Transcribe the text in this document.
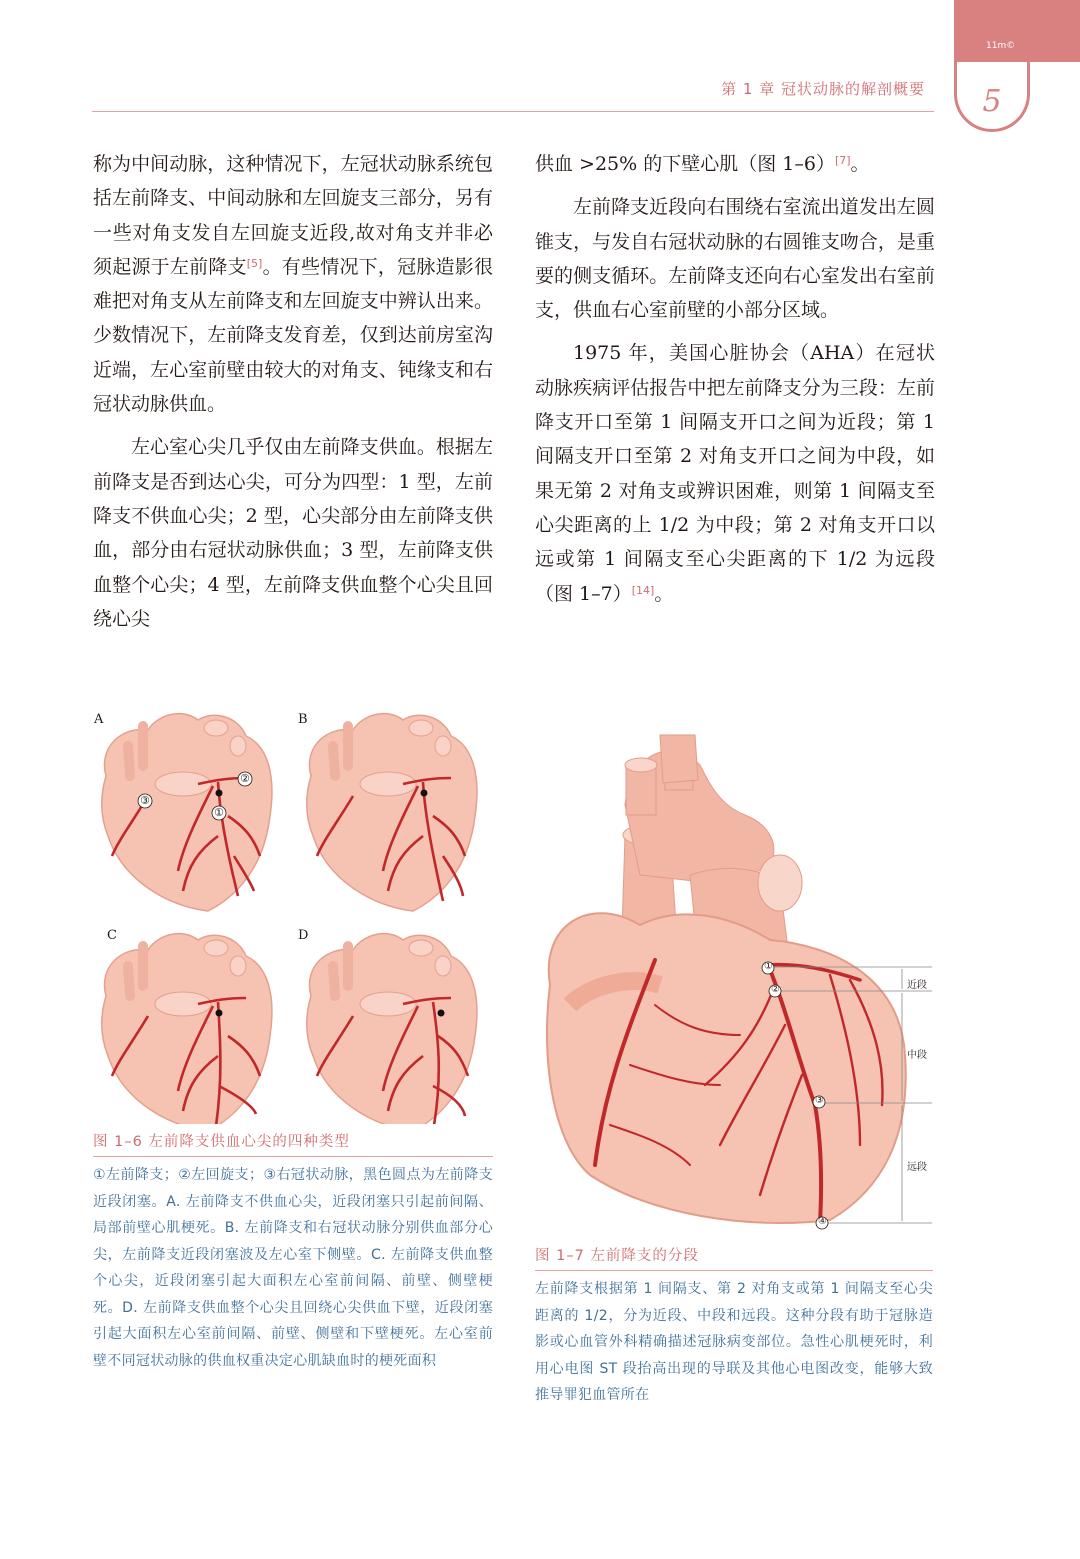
11m©
5
第 1 章 冠状动脉的解剖概要

称为中间动脉，这种情况下，左冠状动脉系统包括左前降支、中间动脉和左回旋支三部分，另有一些对角支发自左回旋支近段,故对角支并非必须起源于左前降支[5]。有些情况下，冠脉造影很难把对角支从左前降支和左回旋支中辨认出来。少数情况下，左前降支发育差，仅到达前房室沟近端，左心室前壁由较大的对角支、钝缘支和右冠状动脉供血。

左心室心尖几乎仅由左前降支供血。根据左前降支是否到达心尖，可分为四型：1 型，左前降支不供血心尖；2 型，心尖部分由左前降支供血，部分由右冠状动脉供血；3 型，左前降支供血整个心尖；4 型，左前降支供血整个心尖且回绕心尖

供血 >25% 的下壁心肌（图 1–6）[7]。

左前降支近段向右围绕右室流出道发出左圆锥支，与发自右冠状动脉的右圆锥支吻合，是重要的侧支循环。左前降支还向右心室发出右室前支，供血右心室前壁的小部分区域。

1975 年，美国心脏协会（AHA）在冠状动脉疾病评估报告中把左前降支分为三段：左前降支开口至第 1 间隔支开口之间为近段；第 1 间隔支开口至第 2 对角支开口之间为中段，如果无第 2 对角支或辨识困难，则第 1 间隔支至心尖距离的上 1/2 为中段；第 2 对角支开口以远或第 1 间隔支至心尖距离的下 1/2 为远段（图 1–7）[14]。

A	B
C	D
①
②
③
图 1–6 左前降支供血心尖的四种类型
①左前降支；②左回旋支；③右冠状动脉，黑色圆点为左前降支近段闭塞。A. 左前降支不供血心尖，近段闭塞只引起前间隔、局部前壁心肌梗死。B. 左前降支和右冠状动脉分别供血部分心尖，左前降支近段闭塞波及左心室下侧壁。C. 左前降支供血整个心尖，近段闭塞引起大面积左心室前间隔、前壁、侧壁梗死。D. 左前降支供血整个心尖且回绕心尖供血下壁，近段闭塞引起大面积左心室前间隔、前壁、侧壁和下壁梗死。左心室前壁不同冠状动脉的供血权重决定心肌缺血时的梗死面积
①
②
③
④
近段
中段
远段
图 1–7 左前降支的分段
左前降支根据第 1 间隔支、第 2 对角支或第 1 间隔支至心尖距离的 1/2，分为近段、中段和远段。这种分段有助于冠脉造影或心血管外科精确描述冠脉病变部位。急性心肌梗死时，利用心电图 ST 段抬高出现的导联及其他心电图改变，能够大致推导罪犯血管所在
